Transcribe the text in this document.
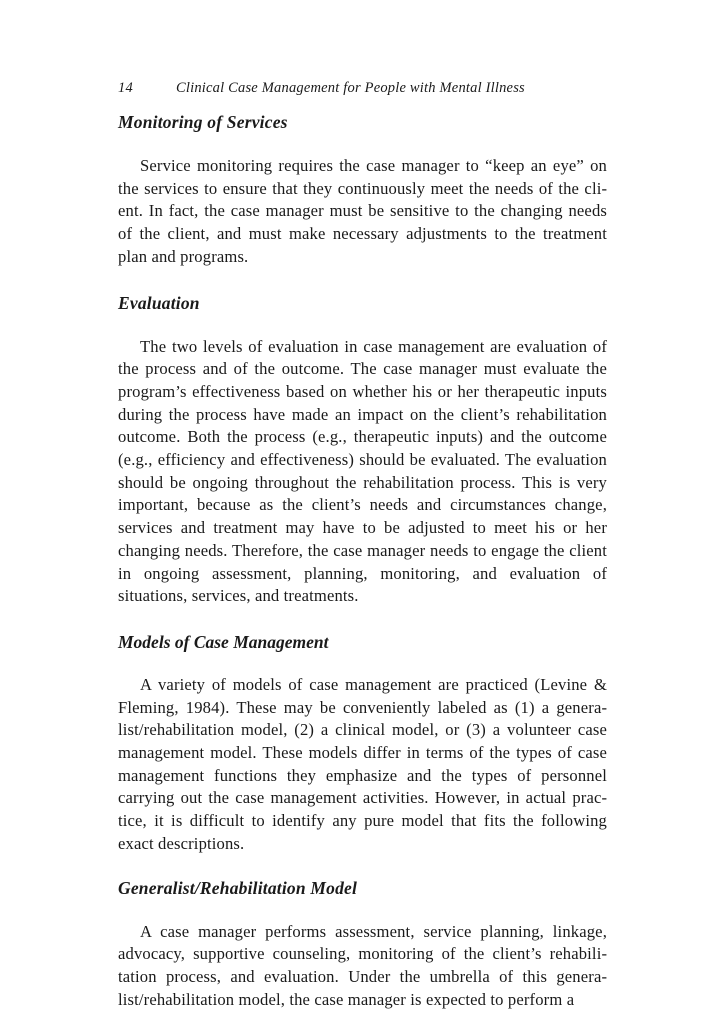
14	Clinical Case Management for People with Mental Illness
Monitoring of Services

Service monitoring requires the case manager to “keep an eye” on the services to ensure that they continuously meet the needs of the client. In fact, the case manager must be sensitive to the changing needs of the client, and must make necessary adjustments to the treatment plan and programs.

Evaluation

The two levels of evaluation in case management are evaluation of the process and of the outcome. The case manager must evaluate the program’s effectiveness based on whether his or her therapeutic inputs during the process have made an impact on the client’s rehabilitation outcome. Both the process (e.g., therapeutic inputs) and the outcome (e.g., efficiency and effectiveness) should be evaluated. The evaluation should be ongoing throughout the rehabilitation process. This is very important, because as the client’s needs and circumstances change, services and treatment may have to be adjusted to meet his or her changing needs. Therefore, the case manager needs to engage the client in ongoing assessment, planning, monitoring, and evaluation of situations, services, and treatments.

Models of Case Management

A variety of models of case management are practiced (Levine & Fleming, 1984). These may be conveniently labeled as (1) a generalist/rehabilitation model, (2) a clinical model, or (3) a volunteer case management model. These models differ in terms of the types of case management functions they emphasize and the types of personnel carrying out the case management activities. However, in actual practice, it is difficult to identify any pure model that fits the following exact descriptions.

Generalist/Rehabilitation Model

A case manager performs assessment, service planning, linkage, advocacy, supportive counseling, monitoring of the client’s rehabilitation process, and evaluation. Under the umbrella of this generalist/rehabilitation model, the case manager is expected to perform a
